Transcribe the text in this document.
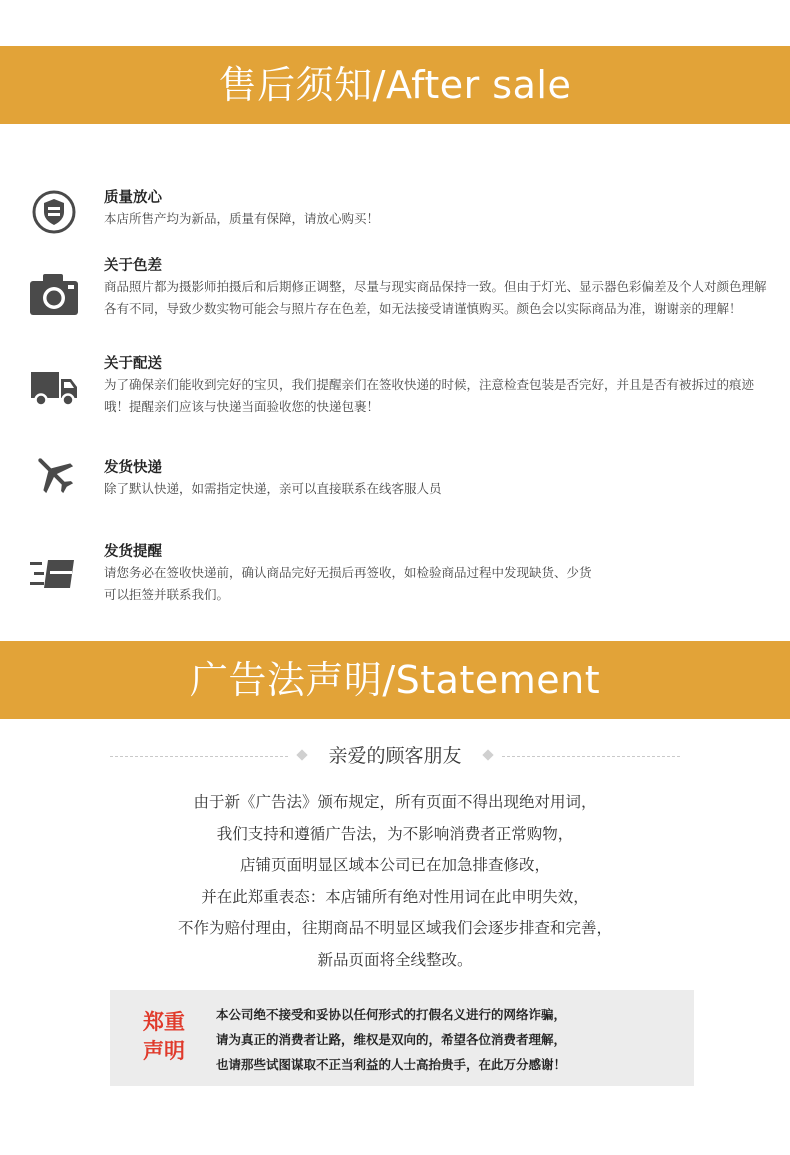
售后须知/After sale
质量放心
本店所售产均为新品，质量有保障，请放心购买！
关于色差
商品照片都为摄影师拍摄后和后期修正调整，尽量与现实商品保持一致。但由于灯光、显示器色彩偏差及个人对颜色理解各有不同，导致少数实物可能会与照片存在色差，如无法接受请谨慎购买。颜色会以实际商品为准，谢谢亲的理解！
关于配送
为了确保亲们能收到完好的宝贝，我们提醒亲们在签收快递的时候，注意检查包装是否完好，并且是否有被拆过的痕迹哦！提醒亲们应该与快递当面验收您的快递包裹！
发货快递
除了默认快递，如需指定快递，亲可以直接联系在线客服人员
发货提醒
请您务必在签收快递前，确认商品完好无损后再签收，如检验商品过程中发现缺货、少货
可以拒签并联系我们。
广告法声明/Statement
亲爱的顾客朋友
由于新《广告法》颁布规定，所有页面不得出现绝对用词，
我们支持和遵循广告法，为不影响消费者正常购物，
店铺页面明显区域本公司已在加急排查修改，
并在此郑重表态：本店铺所有绝对性用词在此申明失效，
不作为赔付理由，往期商品不明显区域我们会逐步排查和完善，
新品页面将全线整改。
郑重
声明
本公司绝不接受和妥协以任何形式的打假名义进行的网络诈骗，
请为真正的消费者让路，维权是双向的，希望各位消费者理解，
也请那些试图谋取不正当利益的人士高抬贵手，在此万分感谢！
